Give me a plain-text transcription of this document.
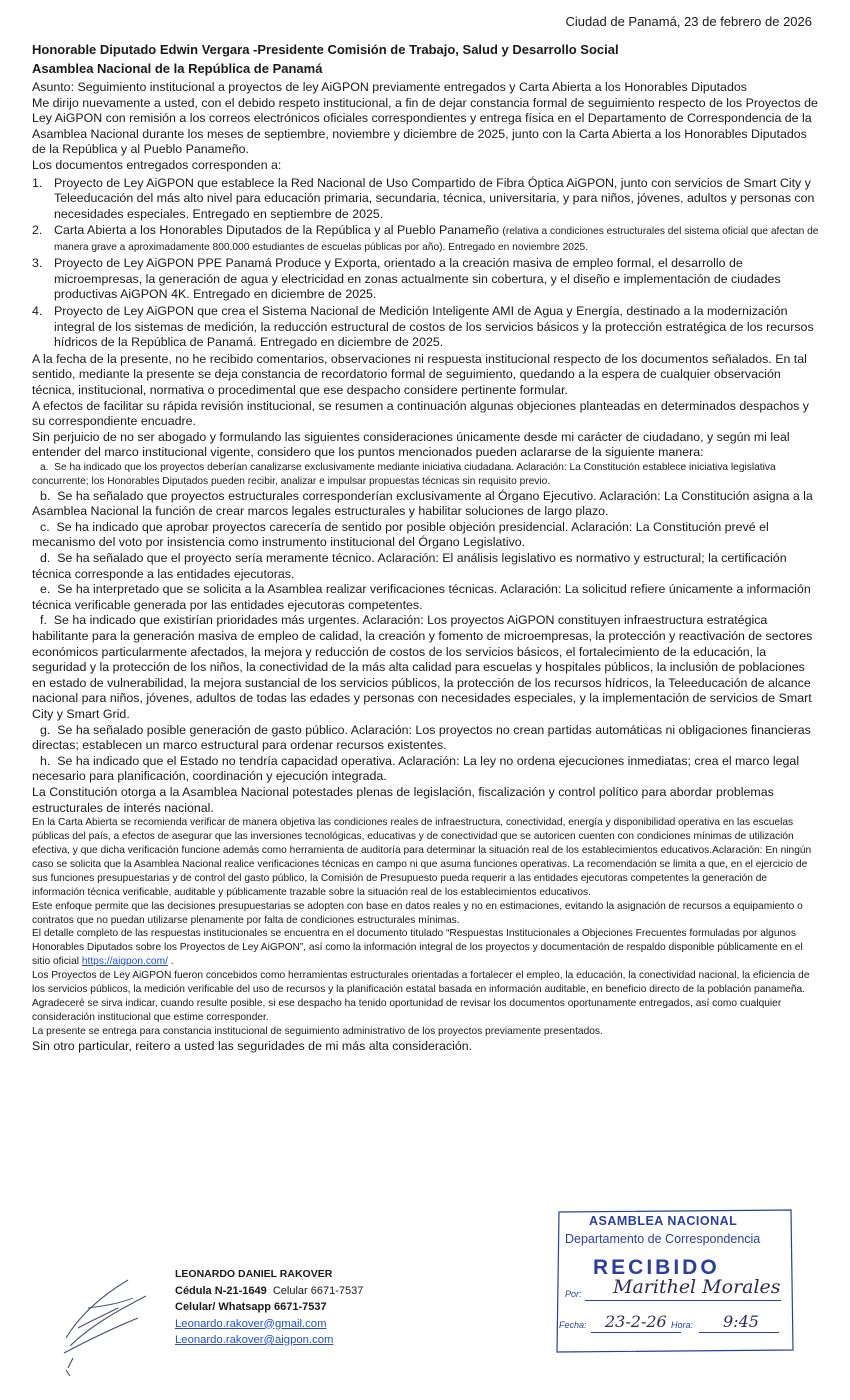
Ciudad de Panamá, 23 de febrero de 2026
Honorable Diputado Edwin Vergara -Presidente Comisión de Trabajo, Salud y Desarrollo Social
Asamblea Nacional de la República de Panamá

Asunto: Seguimiento institucional a proyectos de ley AiGPON previamente entregados y Carta Abierta a los Honorables Diputados

Me dirijo nuevamente a usted, con el debido respeto institucional, a fin de dejar constancia formal de seguimiento respecto de los Proyectos de Ley AiGPON con remisión a los correos electrónicos oficiales correspondientes y entrega física en el Departamento de Correspondencia de la Asamblea Nacional durante los meses de septiembre, noviembre y diciembre de 2025, junto con la Carta Abierta a los Honorables Diputados de la República y al Pueblo Panameño.

Los documentos entregados corresponden a:

1. Proyecto de Ley AiGPON que establece la Red Nacional de Uso Compartido de Fibra Óptica AiGPON, junto con servicios de Smart City y Teleeducación del más alto nivel para educación primaria, secundaria, técnica, universitaria, y para niños, jóvenes, adultos y personas con necesidades especiales. Entregado en septiembre de 2025.
2. Carta Abierta a los Honorables Diputados de la República y al Pueblo Panameño (relativa a condiciones estructurales del sistema oficial que afectan de manera grave a aproximadamente 800.000 estudiantes de escuelas públicas por año). Entregado en noviembre 2025.
3. Proyecto de Ley AiGPON PPE Panamá Produce y Exporta, orientado a la creación masiva de empleo formal, el desarrollo de microempresas, la generación de agua y electricidad en zonas actualmente sin cobertura, y el diseño e implementación de ciudades productivas AiGPON 4K. Entregado en diciembre de 2025.
4. Proyecto de Ley AiGPON que crea el Sistema Nacional de Medición Inteligente AMI de Agua y Energía, destinado a la modernización integral de los sistemas de medición, la reducción estructural de costos de los servicios básicos y la protección estratégica de los recursos hídricos de la República de Panamá. Entregado en diciembre de 2025.

A la fecha de la presente, no he recibido comentarios, observaciones ni respuesta institucional respecto de los documentos señalados. En tal sentido, mediante la presente se deja constancia de recordatorio formal de seguimiento, quedando a la espera de cualquier observación técnica, institucional, normativa o procedimental que ese despacho considere pertinente formular.

A efectos de facilitar su rápida revisión institucional, se resumen a continuación algunas objeciones planteadas en determinados despachos y su correspondiente encuadre.

Sin perjuicio de no ser abogado y formulando las siguientes consideraciones únicamente desde mi carácter de ciudadano, y según mi leal entender del marco institucional vigente, considero que los puntos mencionados pueden aclararse de la siguiente manera:

a. Se ha indicado que los proyectos deberían canalizarse exclusivamente mediante iniciativa ciudadana. Aclaración: La Constitución establece iniciativa legislativa concurrente; los Honorables Diputados pueden recibir, analizar e impulsar propuestas técnicas sin requisito previo.

b. Se ha señalado que proyectos estructurales corresponderían exclusivamente al Órgano Ejecutivo. Aclaración: La Constitución asigna a la Asamblea Nacional la función de crear marcos legales estructurales y habilitar soluciones de largo plazo.

c. Se ha indicado que aprobar proyectos carecería de sentido por posible objeción presidencial. Aclaración: La Constitución prevé el mecanismo del voto por insistencia como instrumento institucional del Órgano Legislativo.

d. Se ha señalado que el proyecto sería meramente técnico. Aclaración: El análisis legislativo es normativo y estructural; la certificación técnica corresponde a las entidades ejecutoras.

e. Se ha interpretado que se solicita a la Asamblea realizar verificaciones técnicas. Aclaración: La solicitud refiere únicamente a información técnica verificable generada por las entidades ejecutoras competentes.

f. Se ha indicado que existirían prioridades más urgentes. Aclaración: Los proyectos AiGPON constituyen infraestructura estratégica habilitante para la generación masiva de empleo de calidad, la creación y fomento de microempresas, la protección y reactivación de sectores económicos particularmente afectados, la mejora y reducción de costos de los servicios básicos, el fortalecimiento de la educación, la seguridad y la protección de los niños, la conectividad de la más alta calidad para escuelas y hospitales públicos, la inclusión de poblaciones en estado de vulnerabilidad, la mejora sustancial de los servicios públicos, la protección de los recursos hídricos, la Teleeducación de alcance nacional para niños, jóvenes, adultos de todas las edades y personas con necesidades especiales, y la implementación de servicios de Smart City y Smart Grid.

g. Se ha señalado posible generación de gasto público. Aclaración: Los proyectos no crean partidas automáticas ni obligaciones financieras directas; establecen un marco estructural para ordenar recursos existentes.

h. Se ha indicado que el Estado no tendría capacidad operativa. Aclaración: La ley no ordena ejecuciones inmediatas; crea el marco legal necesario para planificación, coordinación y ejecución integrada.

La Constitución otorga a la Asamblea Nacional potestades plenas de legislación, fiscalización y control político para abordar problemas estructurales de interés nacional.

En la Carta Abierta se recomienda verificar de manera objetiva las condiciones reales de infraestructura, conectividad, energía y disponibilidad operativa en las escuelas públicas del país, a efectos de asegurar que las inversiones tecnológicas, educativas y de conectividad que se autoricen cuenten con condiciones mínimas de utilización efectiva, y que dicha verificación funcione además como herramienta de auditoría para determinar la situación real de los establecimientos educativos.Aclaración: En ningún caso se solicita que la Asamblea Nacional realice verificaciones técnicas en campo ni que asuma funciones operativas. La recomendación se limita a que, en el ejercicio de sus funciones presupuestarias y de control del gasto público, la Comisión de Presupuesto pueda requerir a las entidades ejecutoras competentes la generación de información técnica verificable, auditable y públicamente trazable sobre la situación real de los establecimientos educativos.

Este enfoque permite que las decisiones presupuestarias se adopten con base en datos reales y no en estimaciones, evitando la asignación de recursos a equipamiento o contratos que no puedan utilizarse plenamente por falta de condiciones estructurales mínimas.

El detalle completo de las respuestas institucionales se encuentra en el documento titulado “Respuestas Institucionales a Objeciones Frecuentes formuladas por algunos Honorables Diputados sobre los Proyectos de Ley AiGPON”, así como la información integral de los proyectos y documentación de respaldo disponible públicamente en el sitio oficial https://aigpon.com/ .

Los Proyectos de Ley AiGPON fueron concebidos como herramientas estructurales orientadas a fortalecer el empleo, la educación, la conectividad nacional, la eficiencia de los servicios públicos, la medición verificable del uso de recursos y la planificación estatal basada en información auditable, en beneficio directo de la población panameña.

Agradeceré se sirva indicar, cuando resulte posible, si ese despacho ha tenido oportunidad de revisar los documentos oportunamente entregados, así como cualquier consideración institucional que estime corresponder.

La presente se entrega para constancia institucional de seguimiento administrativo de los proyectos previamente presentados.

Sin otro particular, reitero a usted las seguridades de mi más alta consideración.

LEONARDO DANIEL RAKOVER
Cédula N-21-1649 Celular 6671-7537
Celular/ Whatsapp 6671-7537
Leonardo.rakover@gmail.com
Leonardo.rakover@aigpon.com
ASAMBLEA NACIONAL
Departamento de Correspondencia
RECIBIDO
Por: Marithel Morales
Fecha: 23-2-26 Hora: 9:45
